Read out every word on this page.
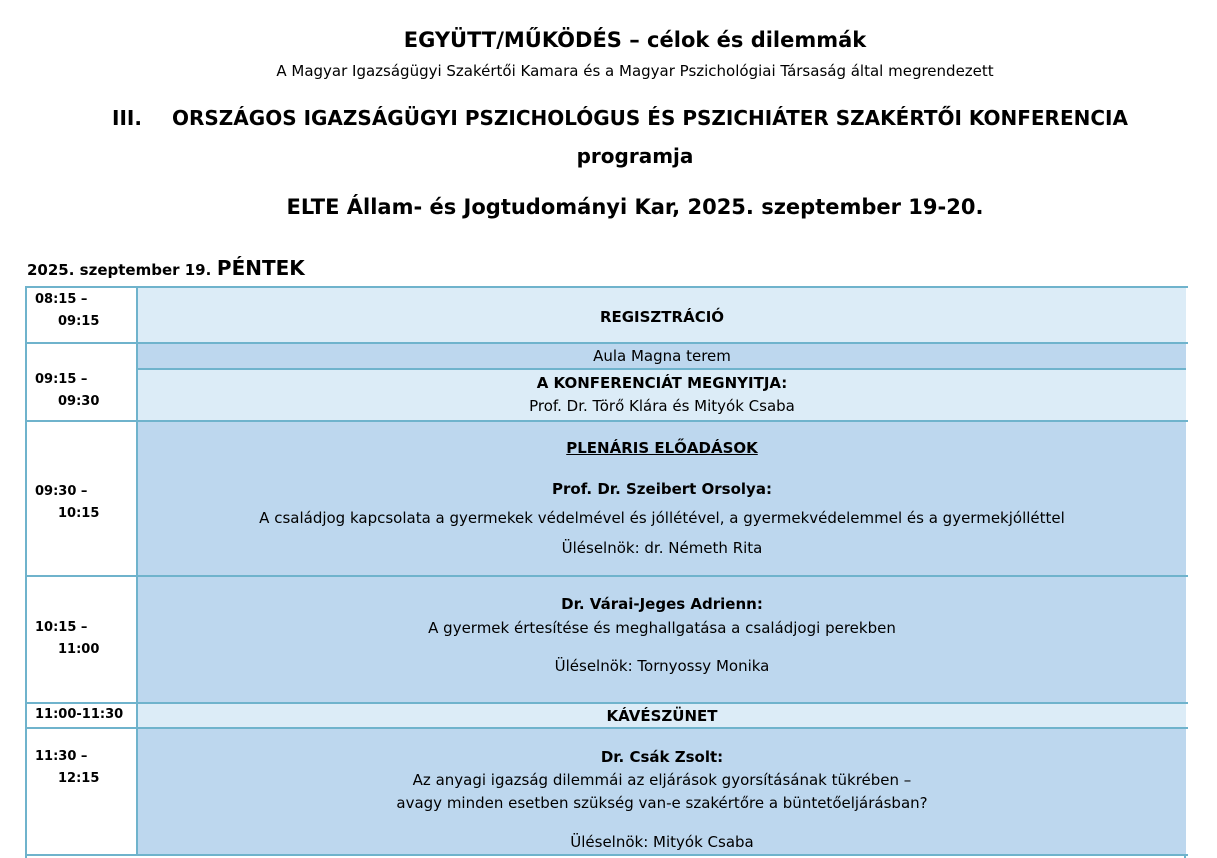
EGYÜTT/MŰKÖDÉS – célok és dilemmák
A Magyar Igazságügyi Szakértői Kamara és a Magyar Pszichológiai Társaság által megrendezett
III. ORSZÁGOS IGAZSÁGÜGYI PSZICHOLÓGUS ÉS PSZICHIÁTER SZAKÉRTŐI KONFERENCIA
programja
ELTE Állam- és Jogtudományi Kar, 2025. szeptember 19-20.
2025. szeptember 19. PÉNTEK
08:15 –
09:15	REGISZTRÁCIÓ
09:15 –
09:30
Aula Magna terem
A KONFERENCIÁT MEGNYITJA:
Prof. Dr. Törő Klára és Mityók Csaba
09:30 –
10:15
PLENÁRIS ELŐADÁSOK
Prof. Dr. Szeibert Orsolya:
A családjog kapcsolata a gyermekek védelmével és jóllétével, a gyermekvédelemmel és a gyermekjólléttel
Üléselnök: dr. Németh Rita
10:15 –
11:00
Dr. Várai-Jeges Adrienn:
A gyermek értesítése és meghallgatása a családjogi perekben
Üléselnök: Tornyossy Monika
11:00-11:30	KÁVÉSZÜNET
11:30 –
12:15
Dr. Csák Zsolt:
Az anyagi igazság dilemmái az eljárások gyorsításának tükrében –
avagy minden esetben szükség van-e szakértőre a büntetőeljárásban?
Üléselnök: Mityók Csaba
